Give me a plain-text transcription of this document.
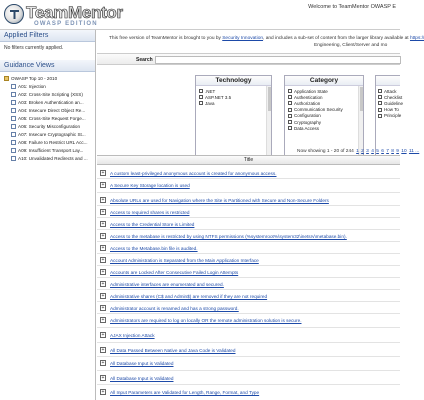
TeamMentor
OWASP EDITION
Welcome to TeamMentor OWASP E
Applied Filters
No filters currently applied.
Guidance Views
OWASP Top 10 - 2010
A01: Injection
A02: Cross-Site Scripting (XSS)
A03: Broken Authentication an...
A04: Insecure Direct Object Re...
A05: Cross-Site Request Forge...
A06: Security Misconfiguration
A07: Insecure Cryptographic St...
A08: Failure to Restrict URL Acc...
A09: Insufficient Transport Lay...
A10: Unvalidated Redirects and ...
This free version of TeamMentor is brought to you by Security Innovation, and includes a sub-set of content from the larger library available at https://
Engineering, Client/Server and mo
Search
Technology
.NET
ASP.NET 3.5
Java
Category
Application State
Authentication
Authorization
Communication Security
Configuration
Cryptography
Data Access
Attack
Checklist
Guideline
How To
Principle
Now showing 1 - 20 of 244 1 2 3 4 5 6 7 8 9 10 11 ...
Title
+	A custom least-privileged anonymous account is created for anonymous access.
+	A Secure Key Storage location is used
+	Absolute URLs are used for Navigation where the Site is Partitioned with Secure and Non-Secure Folders
+	Access to required shares is restricted
+	Access to the Credential Store is Limited
+	Access to the metabase is restricted by using NTFS permissions (%systemroot%\system32\inetsrv\metabase.bin).
+	Access to the Metabase.bin file is audited.
+	Account Administration is Separated from the Main Application Interface
+	Accounts are Locked After Consecutive Failed Login Attempts
+	Administrative interfaces are enumerated and secured.
+	Administrative shares (C$ and Admin$) are removed if they are not required
+	Administrator account is renamed and has a strong password.
+	Administrators are required to log on locally OR the remote administration solution is secure.
+	AJAX Injection Attack
+	All Data Passed Between Native and Java Code is Validated
+	All Database Input is Validated
+	All Database Input is Validated
+	All Input Parameters are Validated for Length, Range, Format, and Type
